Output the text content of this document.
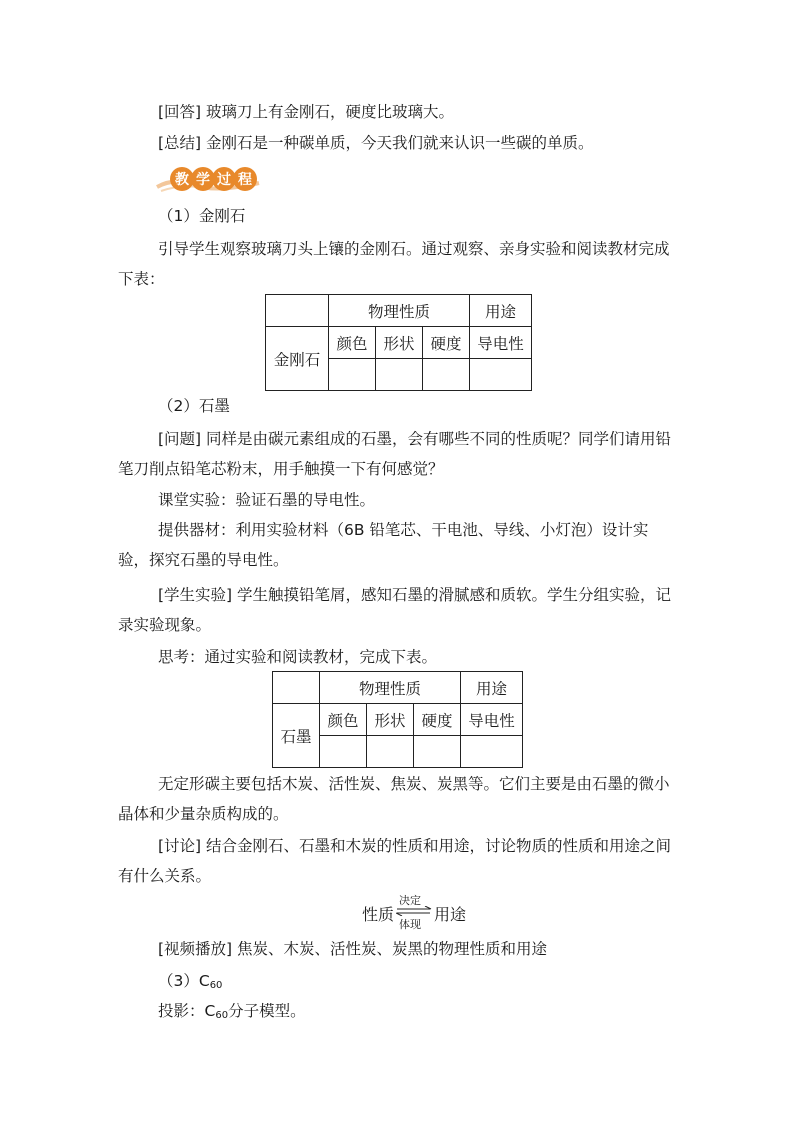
[回答] 玻璃刀上有金刚石，硬度比玻璃大。

[总结] 金刚石是一种碳单质，今天我们就来认识一些碳的单质。

教 学 过 程
（1）金刚石

引导学生观察玻璃刀头上镶的金刚石。通过观察、亲身实验和阅读教材完成下表：

	物理性质			用途
金刚石	颜色	形状	硬度	导电性

（2）石墨

[问题] 同样是由碳元素组成的石墨，会有哪些不同的性质呢？同学们请用铅笔刀削点铅笔芯粉末，用手触摸一下有何感觉？

课堂实验：验证石墨的导电性。

提供器材：利用实验材料（6B 铅笔芯、干电池、导线、小灯泡）设计实验，探究石墨的导电性。

[学生实验] 学生触摸铅笔屑，感知石墨的滑腻感和质软。学生分组实验，记录实验现象。

思考：通过实验和阅读教材，完成下表。

	物理性质			用途
石墨	颜色	形状	硬度	导电性

无定形碳主要包括木炭、活性炭、焦炭、炭黑等。它们主要是由石墨的微小晶体和少量杂质构成的。

[讨论] 结合金刚石、石墨和木炭的性质和用途，讨论物质的性质和用途之间有什么关系。

性质
决定
体现
用途

[视频播放] 焦炭、木炭、活性炭、炭黑的物理性质和用途

$(3)C_{60}$
投影：$C_{60}$分子模型。
